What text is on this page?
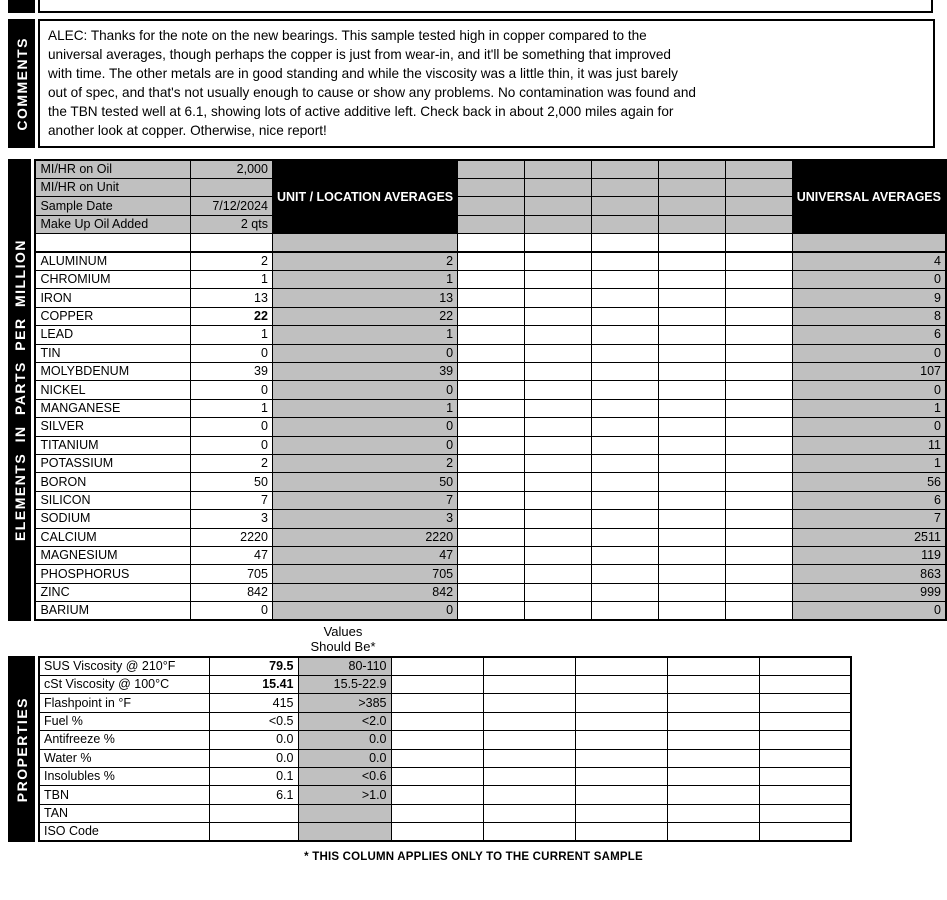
COMMENTS
ALEC: Thanks for the note on the new bearings. This sample tested high in copper compared to the
universal averages, though perhaps the copper is just from wear-in, and it'll be something that improved
with time. The other metals are in good standing and while the viscosity was a little thin, it was just barely
out of spec, and that's not usually enough to cause or show any problems. No contamination was found and
the TBN tested well at 6.1, showing lots of active additive left. Check back in about 2,000 miles again for
another look at copper. Otherwise, nice report!
ELEMENTS IN PARTS PER MILLION
MI/HR on Oil	2,000	UNIT / LOCATION AVERAGES						UNIVERSAL AVERAGES
MI/HR on Unit								
Sample Date	7/12/2024							
Make Up Oil Added	2 qts							

ALUMINUM	2	2						4
CHROMIUM	1	1						0
IRON	13	13						9
COPPER	22	22						8
LEAD	1	1						6
TIN	0	0						0
MOLYBDENUM	39	39						107
NICKEL	0	0						0
MANGANESE	1	1						1
SILVER	0	0						0
TITANIUM	0	0						11
POTASSIUM	2	2						1
BORON	50	50						56
SILICON	7	7						6
SODIUM	3	3						7
CALCIUM	2220	2220						2511
MAGNESIUM	47	47						119
PHOSPHORUS	705	705						863
ZINC	842	842						999
BARIUM	0	0						0
Values
Should Be*
PROPERTIES
SUS Viscosity @ 210°F	79.5	80-110					
cSt Viscosity @ 100°C	15.41	15.5-22.9					
Flashpoint in °F	415	>385					
Fuel %	<0.5	<2.0					
Antifreeze %	0.0	0.0					
Water %	0.0	0.0					
Insolubles %	0.1	<0.6					
TBN	6.1	>1.0					
TAN							
ISO Code							
* THIS COLUMN APPLIES ONLY TO THE CURRENT SAMPLE
